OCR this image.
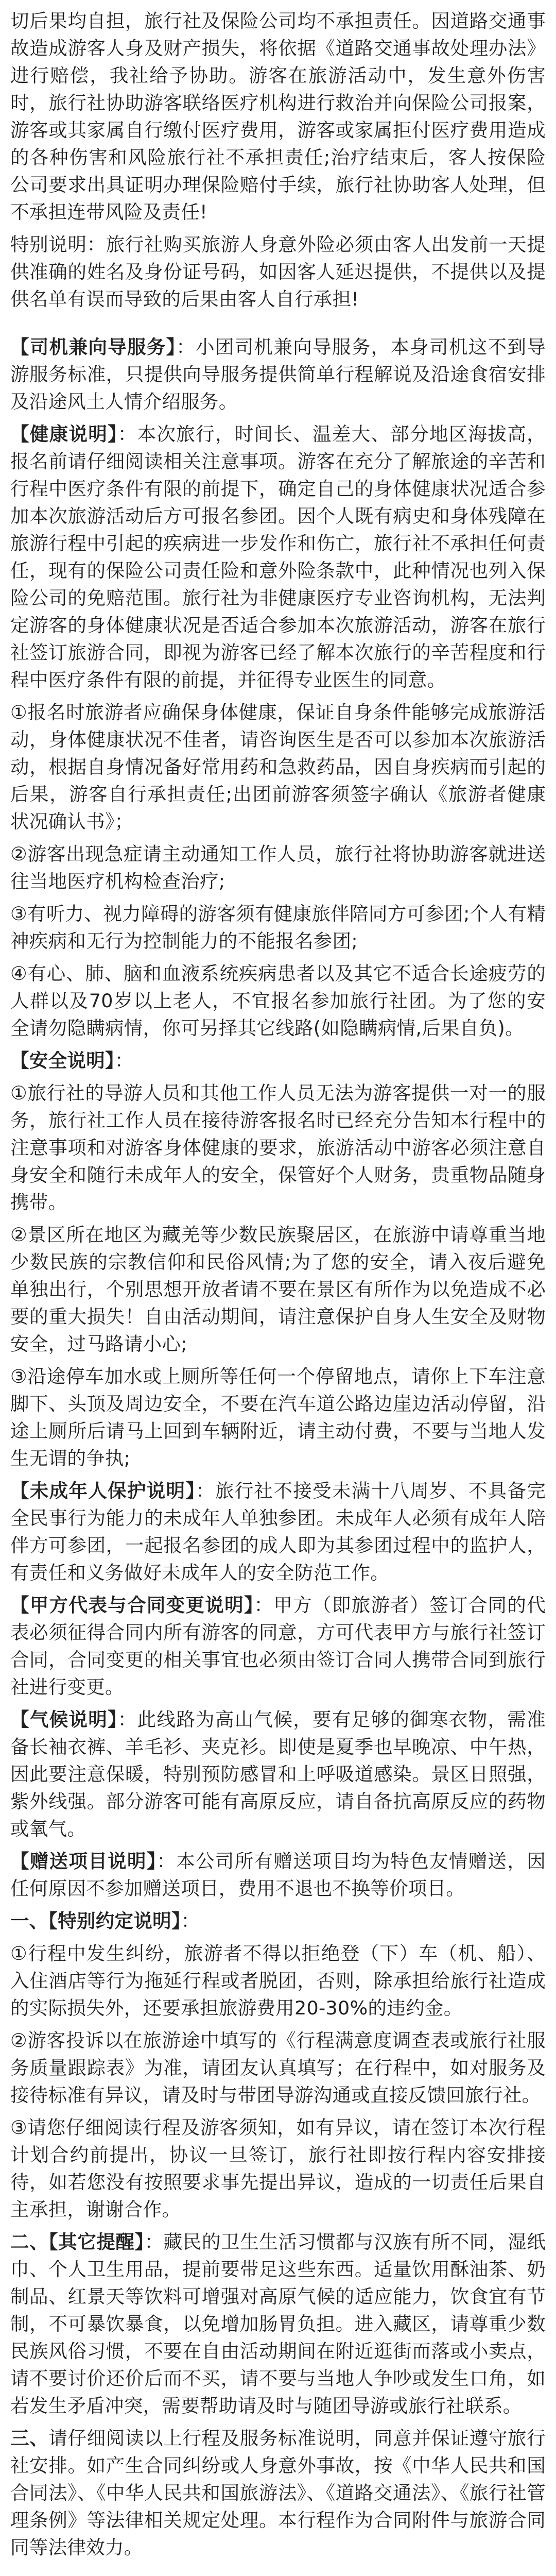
切后果均自担，旅行社及保险公司均不承担责任。因道路交通事故造成游客人身及财产损失，将依据《道路交通事故处理办法》进行赔偿，我社给予协助。游客在旅游活动中，发生意外伤害时，旅行社协助游客联络医疗机构进行救治并向保险公司报案，游客或其家属自行缴付医疗费用，游客或家属拒付医疗费用造成的各种伤害和风险旅行社不承担责任;治疗结束后，客人按保险公司要求出具证明办理保险赔付手续，旅行社协助客人处理，但不承担连带风险及责任!

特别说明：旅行社购买旅游人身意外险必须由客人出发前一天提供准确的姓名及身份证号码，如因客人延迟提供，不提供以及提供名单有误而导致的后果由客人自行承担!

【司机兼向导服务】：小团司机兼向导服务，本身司机这不到导游服务标准，只提供向导服务提供简单行程解说及沿途食宿安排及沿途风土人情介绍服务。

【健康说明】：本次旅行，时间长、温差大、部分地区海拔高，报名前请仔细阅读相关注意事项。游客在充分了解旅途的辛苦和行程中医疗条件有限的前提下，确定自己的身体健康状况适合参加本次旅游活动后方可报名参团。因个人既有病史和身体残障在旅游行程中引起的疾病进一步发作和伤亡，旅行社不承担任何责任，现有的保险公司责任险和意外险条款中，此种情况也列入保险公司的免赔范围。旅行社为非健康医疗专业咨询机构，无法判定游客的身体健康状况是否适合参加本次旅游活动，游客在旅行社签订旅游合同，即视为游客已经了解本次旅行的辛苦程度和行程中医疗条件有限的前提，并征得专业医生的同意。

①报名时旅游者应确保身体健康，保证自身条件能够完成旅游活动，身体健康状况不佳者，请咨询医生是否可以参加本次旅游活动，根据自身情况备好常用药和急救药品，因自身疾病而引起的后果，游客自行承担责任;出团前游客须签字确认《旅游者健康状况确认书》；

②游客出现急症请主动通知工作人员，旅行社将协助游客就进送往当地医疗机构检查治疗;

③有听力、视力障碍的游客须有健康旅伴陪同方可参团;个人有精神疾病和无行为控制能力的不能报名参团;

④有心、肺、脑和血液系统疾病患者以及其它不适合长途疲劳的人群以及70岁以上老人，不宜报名参加旅行社团。为了您的安全请勿隐瞒病情，你可另择其它线路(如隐瞒病情,后果自负)。

【安全说明】：

①旅行社的导游人员和其他工作人员无法为游客提供一对一的服务，旅行社工作人员在接待游客报名时已经充分告知本行程中的注意事项和对游客身体健康的要求，旅游活动中游客必须注意自身安全和随行未成年人的安全，保管好个人财务，贵重物品随身携带。

②景区所在地区为藏羌等少数民族聚居区，在旅游中请尊重当地少数民族的宗教信仰和民俗风情;为了您的安全，请入夜后避免单独出行，个别思想开放者请不要在景区有所作为以免造成不必要的重大损失！自由活动期间，请注意保护自身人生安全及财物安全，过马路请小心;

③沿途停车加水或上厕所等任何一个停留地点，请你上下车注意脚下、头顶及周边安全，不要在汽车道公路边崖边活动停留，沿途上厕所后请马上回到车辆附近，请主动付费，不要与当地人发生无谓的争执;

【未成年人保护说明】：旅行社不接受未满十八周岁、不具备完全民事行为能力的未成年人单独参团。未成年人必须有成年人陪伴方可参团，一起报名参团的成人即为其参团过程中的监护人，有责任和义务做好未成年人的安全防范工作。

【甲方代表与合同变更说明】：甲方（即旅游者）签订合同的代表必须征得合同内所有游客的同意，方可代表甲方与旅行社签订合同，合同变更的相关事宜也必须由签订合同人携带合同到旅行社进行变更。

【气候说明】：此线路为高山气候，要有足够的御寒衣物，需准备长袖衣裤、羊毛衫、夹克衫。即使是夏季也早晚凉、中午热，因此要注意保暖，特别预防感冒和上呼吸道感染。景区日照强，紫外线强。部分游客可能有高原反应，请自备抗高原反应的药物或氧气。

【赠送项目说明】：本公司所有赠送项目均为特色友情赠送，因任何原因不参加赠送项目，费用不退也不换等价项目。

一、【特别约定说明】：

①行程中发生纠纷，旅游者不得以拒绝登（下）车（机、船）、入住酒店等行为拖延行程或者脱团，否则，除承担给旅行社造成的实际损失外，还要承担旅游费用20-30%的违约金。

②游客投诉以在旅游途中填写的《行程满意度调查表或旅行社服务质量跟踪表》为准，请团友认真填写；在行程中，如对服务及接待标准有异议，请及时与带团导游沟通或直接反馈回旅行社。

③请您仔细阅读行程及游客须知，如有异议，请在签订本次行程计划合约前提出，协议一旦签订，旅行社即按行程内容安排接待，如若您没有按照要求事先提出异议，造成的一切责任后果自主承担，谢谢合作。

二、【其它提醒】：藏民的卫生生活习惯都与汉族有所不同，湿纸巾、个人卫生用品，提前要带足这些东西。适量饮用酥油茶、奶制品、红景天等饮料可增强对高原气候的适应能力，饮食宜有节制，不可暴饮暴食，以免增加肠胃负担。进入藏区，请尊重少数民族风俗习惯，不要在自由活动期间在附近逛街而落或小卖点，请不要讨价还价后而不买，请不要与当地人争吵或发生口角，如若发生矛盾冲突，需要帮助请及时与随团导游或旅行社联系。

三、请仔细阅读以上行程及服务标准说明，同意并保证遵守旅行社安排。如产生合同纠纷或人身意外事故，按《中华人民共和国合同法》、《中华人民共和国旅游法》、《道路交通法》、《旅行社管理条例》等法律相关规定处理。本行程作为合同附件与旅游合同同等法律效力。
